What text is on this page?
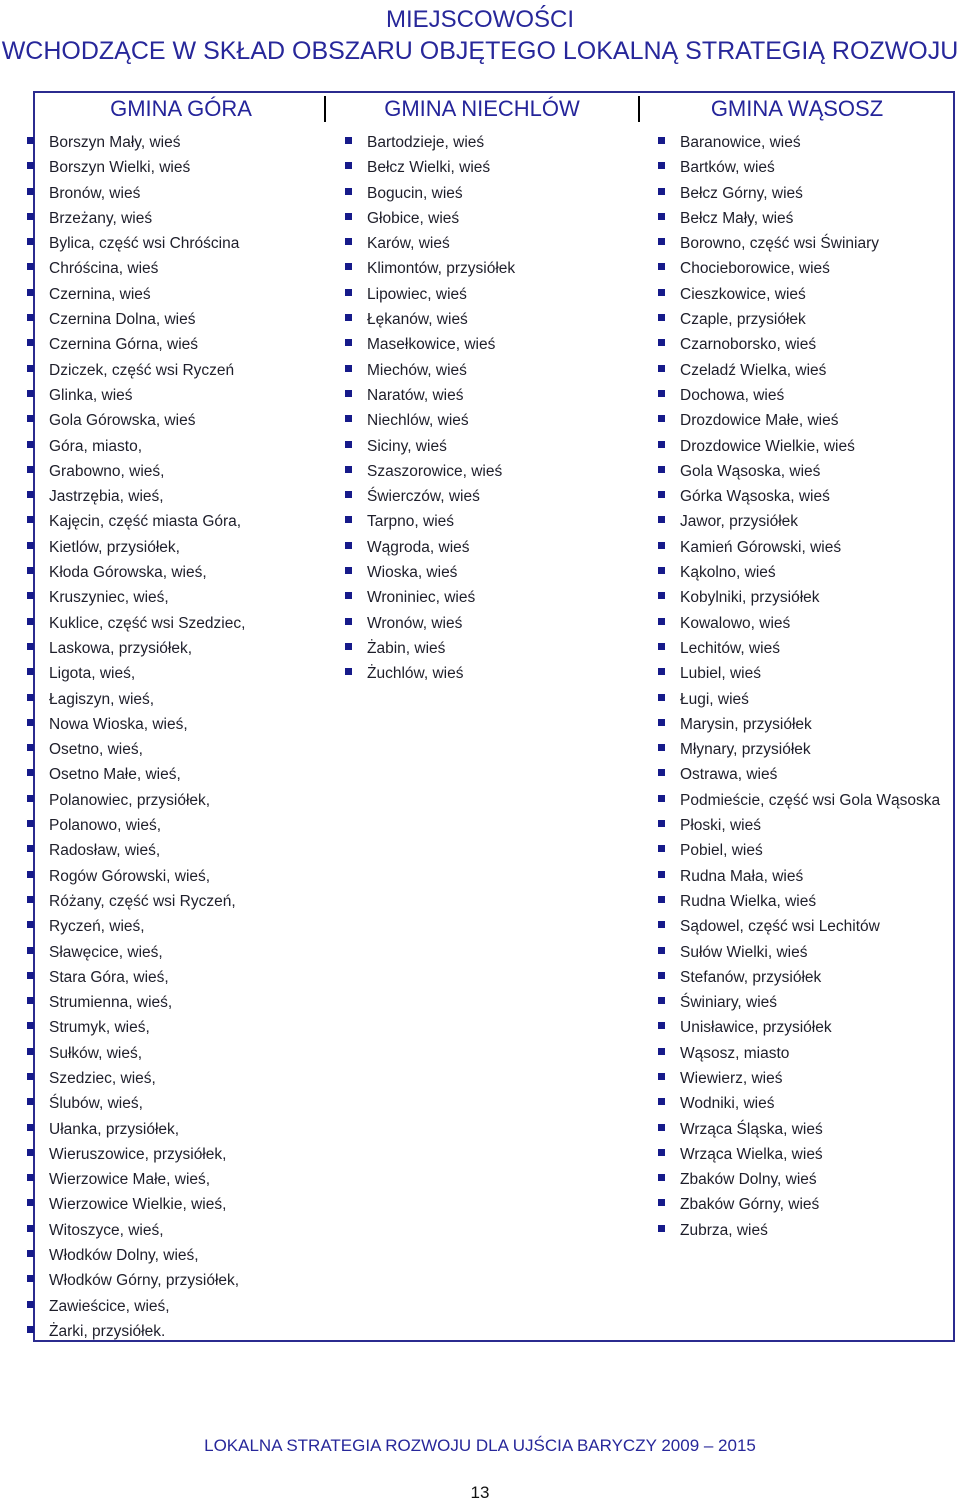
MIEJSCOWOŚCI
WCHODZĄCE W SKŁAD OBSZARU OBJĘTEGO LOKALNĄ STRATEGIĄ ROZWOJU
GMINA GÓRA	GMINA NIECHLÓW	GMINA WĄSOSZ
Borszyn Mały, wieś
Borszyn Wielki, wieś
Bronów, wieś
Brzeżany, wieś
Bylica, część wsi Chróścina
Chróścina, wieś
Czernina, wieś
Czernina Dolna, wieś
Czernina Górna, wieś
Dziczek, część wsi Ryczeń
Glinka, wieś
Gola Górowska, wieś
Góra, miasto,
Grabowno, wieś,
Jastrzębia, wieś,
Kajęcin, część miasta Góra,
Kietlów, przysiółek,
Kłoda Górowska, wieś,
Kruszyniec, wieś,
Kuklice, część wsi Szedziec,
Laskowa, przysiółek,
Ligota, wieś,
Łagiszyn, wieś,
Nowa Wioska, wieś,
Osetno, wieś,
Osetno Małe, wieś,
Polanowiec, przysiółek,
Polanowo, wieś,
Radosław, wieś,
Rogów Górowski, wieś,
Różany, część wsi Ryczeń,
Ryczeń, wieś,
Sławęcice, wieś,
Stara Góra, wieś,
Strumienna, wieś,
Strumyk, wieś,
Sułków, wieś,
Szedziec, wieś,
Ślubów, wieś,
Ułanka, przysiółek,
Wieruszowice, przysiółek,
Wierzowice Małe, wieś,
Wierzowice Wielkie, wieś,
Witoszyce, wieś,
Włodków Dolny, wieś,
Włodków Górny, przysiółek,
Zawieścice, wieś,
Żarki, przysiółek.
Bartodzieje, wieś
Bełcz Wielki, wieś
Bogucin, wieś
Głobice, wieś
Karów, wieś
Klimontów, przysiółek
Lipowiec, wieś
Łękanów, wieś
Masełkowice, wieś
Miechów, wieś
Naratów, wieś
Niechlów, wieś
Siciny, wieś
Szaszorowice, wieś
Świerczów, wieś
Tarpno, wieś
Wągroda, wieś
Wioska, wieś
Wroniniec, wieś
Wronów, wieś
Żabin, wieś
Żuchlów, wieś
Baranowice, wieś
Bartków, wieś
Bełcz Górny, wieś
Bełcz Mały, wieś
Borowno, część wsi Świniary
Chocieborowice, wieś
Cieszkowice, wieś
Czaple, przysiółek
Czarnoborsko, wieś
Czeladź Wielka, wieś
Dochowa, wieś
Drozdowice Małe, wieś
Drozdowice Wielkie, wieś
Gola Wąsoska, wieś
Górka Wąsoska, wieś
Jawor, przysiółek
Kamień Górowski, wieś
Kąkolno, wieś
Kobylniki, przysiółek
Kowalowo, wieś
Lechitów, wieś
Lubiel, wieś
Ługi, wieś
Marysin, przysiółek
Młynary, przysiółek
Ostrawa, wieś
Podmieście, część wsi Gola Wąsoska
Płoski, wieś
Pobiel, wieś
Rudna Mała, wieś
Rudna Wielka, wieś
Sądowel, część wsi Lechitów
Sułów Wielki, wieś
Stefanów, przysiółek
Świniary, wieś
Unisławice, przysiółek
Wąsosz, miasto
Wiewierz, wieś
Wodniki, wieś
Wrząca Śląska, wieś
Wrząca Wielka, wieś
Zbaków Dolny, wieś
Zbaków Górny, wieś
Zubrza, wieś
LOKALNA STRATEGIA ROZWOJU DLA UJŚCIA BARYCZY 2009 – 2015
13
